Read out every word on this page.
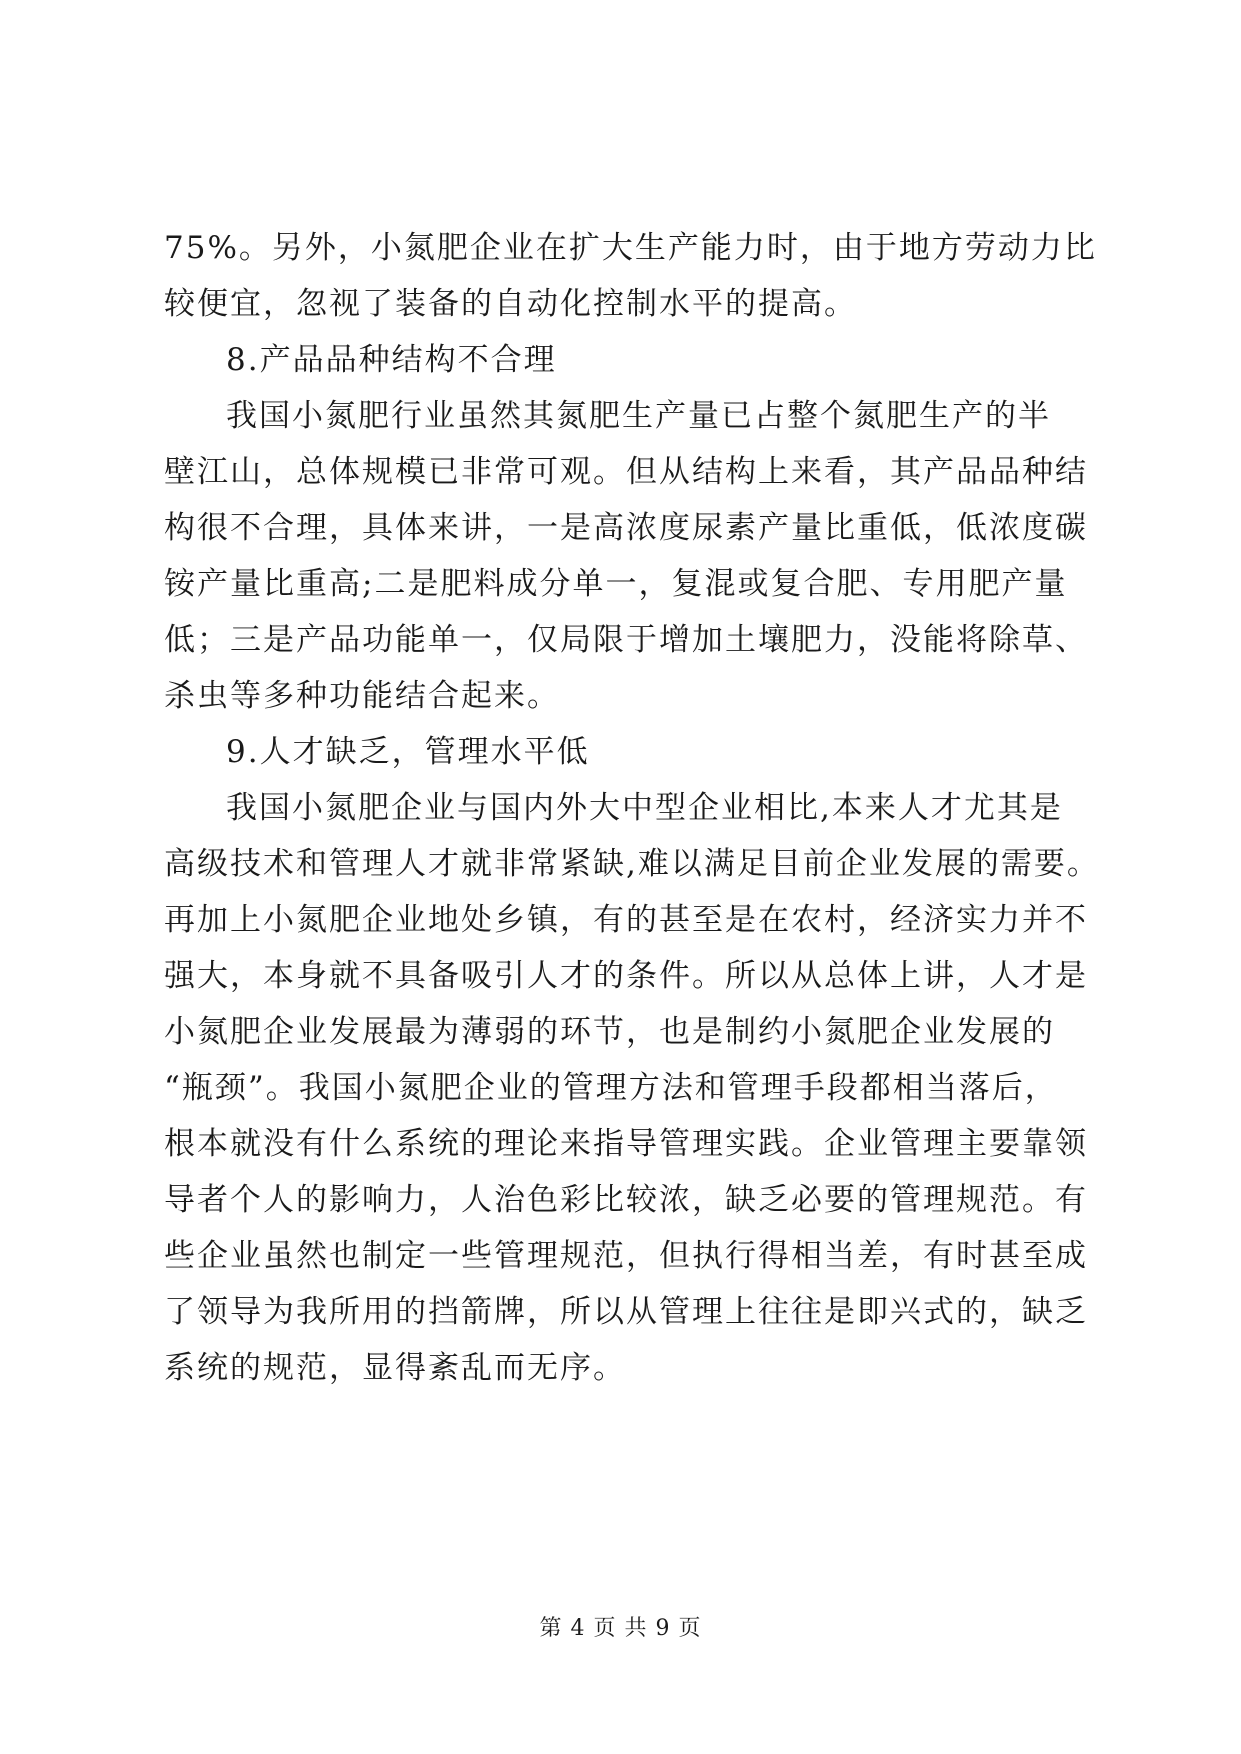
75%。另外，小氮肥企业在扩大生产能力时，由于地方劳动力比
较便宜，忽视了装备的自动化控制水平的提高。
8.产品品种结构不合理
我国小氮肥行业虽然其氮肥生产量已占整个氮肥生产的半
壁江山，总体规模已非常可观。但从结构上来看，其产品品种结
构很不合理，具体来讲，一是高浓度尿素产量比重低，低浓度碳
铵产量比重高;二是肥料成分单一，复混或复合肥、专用肥产量
低；三是产品功能单一，仅局限于增加土壤肥力，没能将除草、
杀虫等多种功能结合起来。
9.人才缺乏，管理水平低
我国小氮肥企业与国内外大中型企业相比,本来人才尤其是
高级技术和管理人才就非常紧缺,难以满足目前企业发展的需要。
再加上小氮肥企业地处乡镇，有的甚至是在农村，经济实力并不
强大，本身就不具备吸引人才的条件。所以从总体上讲，人才是
小氮肥企业发展最为薄弱的环节，也是制约小氮肥企业发展的
“瓶颈”。我国小氮肥企业的管理方法和管理手段都相当落后，
根本就没有什么系统的理论来指导管理实践。企业管理主要靠领
导者个人的影响力，人治色彩比较浓，缺乏必要的管理规范。有
些企业虽然也制定一些管理规范，但执行得相当差，有时甚至成
了领导为我所用的挡箭牌，所以从管理上往往是即兴式的，缺乏
系统的规范，显得紊乱而无序。
第 4 页 共 9 页
